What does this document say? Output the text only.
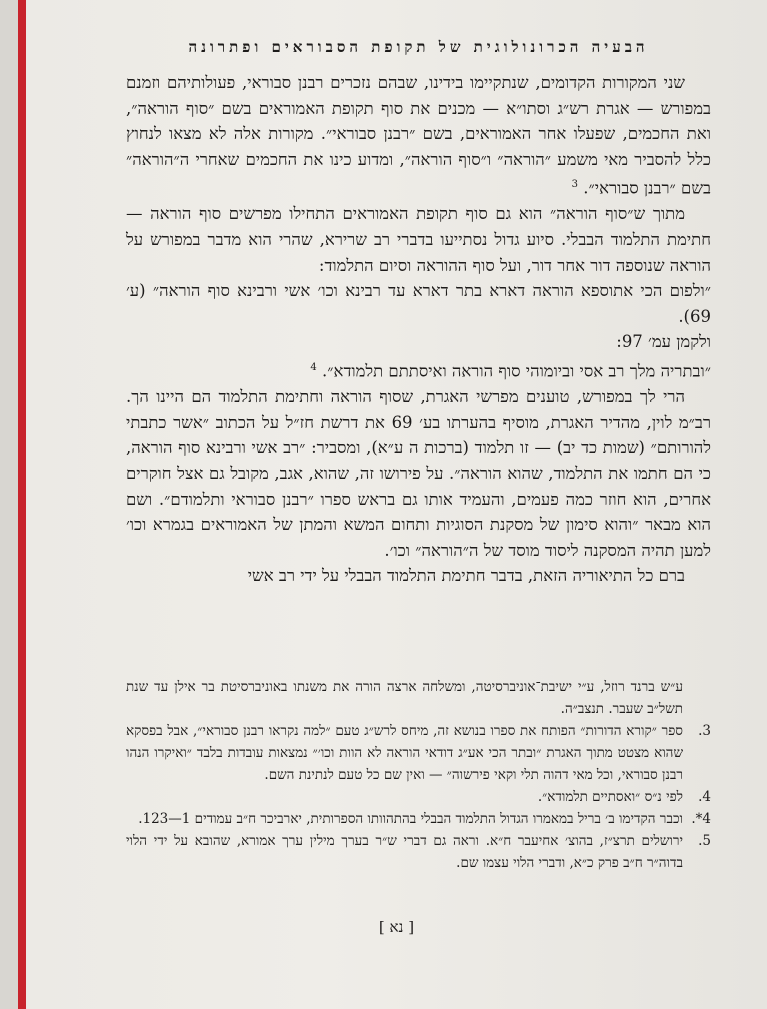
הבעיה הכרונולוגית של תקופת הסבוראים ופתרונה

שני המקורות הקדומים, שנתקיימו בידינו, שבהם נזכרים רבנן סבוראי, פעולותיהם וזמנם במפורש — אגרת רש״ג וסתו״א — מכנים את סוף תקופת האמוראים בשם ״סוף הוראה״, ואת החכמים, שפעלו אחר האמוראים, בשם ״רבנן סבוראי״. מקורות אלה לא מצאו לנחוץ כלל להסביר מאי משמע ״הוראה״ ו״סוף הוראה״, ומדוע כינו את החכמים שאחרי ה״הוראה״ בשם ״רבנן סבוראי״. $^3$

מתוך ש״סוף הוראה״ הוא גם סוף תקופת האמוראים התחילו מפרשים סוף הוראה — חתימת התלמוד הבבלי. סיוע גדול נסתייעו בדברי רב שרירא, שהרי הוא מדבר במפורש על הוראה שנוספה דור אחר דור, ועל סוף ההוראה וסיום התלמוד:

״ולפום הכי אתוספא הוראה דארא בתר דארא עד רבינא וכו׳ אשי ורבינא סוף הוראה״ (ע׳ 69).

ולקמן עמ׳ 97:

״ובתריה מלך רב אסי וביומוהי סוף הוראה ואיסתתם תלמודא״. $^4$

הרי לך במפורש, טוענים מפרשי האגרת, שסוף הוראה וחתימת התלמוד הם היינו הך. רב״מ לוין, מהדיר האגרת, מוסיף בהערתו בע׳ 69 את דרשת חז״ל על הכתוב ״אשר כתבתי להורותם״ (שמות כד יב) — זו תלמוד (ברכות ה ע״א), ומסביר: ״רב אשי ורבינא סוף הוראה, כי הם חתמו את התלמוד, שהוא הוראה״. על פירושו זה, שהוא, אגב, מקובל גם אצל חוקרים אחרים, הוא חוזר כמה פעמים, והעמיד אותו גם בראש ספרו ״רבנן סבוראי ותלמודם״. ושם הוא מבאר ״והוא סימון של מסקנת הסוגיות ותחום המשא והמתן של האמוראים בגמרא וכו׳ למען תהיה המסקנה ליסוד מוסד של ה״הוראה״ וכו׳.

ברם כל התיאוריה הזאת, בדבר חתימת התלמוד הבבלי על ידי רב אשי

ע״ש ברנד רוזל, ע״י ישיבת־אוניברסיטה, ומשלחה ארצה הורה את משנתו באוניברסיטת בר אילן עד שנת תשל״ב שעבר. תנצב״ה.

3.
ספר ״קורא הדורות״ הפותח את ספרו בנושא זה, מיחס לרש״ג טעם ״למה נקראו רבנן סבוראי״, אבל בפסקא שהוא מצטט מתוך האגרת ״ובתר הכי אע״ג דודאי הוראה לא הוות וכו׳״ נמצאות עובדות בלבד ״ואיקרו הנהו רבנן סבוראי, וכל מאי דהוה תלי וקאי פירשוה״ — ואין שם כל טעם לנתינת השם.
4.
לפי נ״ס ״ואסתיים תלמודא״.
4*.
וכבר הקדימו ב׳ בריל במאמרו הגדול התלמוד הבבלי בהתהוותו הספרותית, יארביכר ח״ב עמודים 1—123.
5.
ירושלים תרצ״ז, בהוצ׳ אחיעבר ח״א. וראה גם דברי ש״ר בערך מילין ערך אמורא, שהובא על ידי הלוי בדוה״ר ח״ב פרק כ״א, ודברי הלוי עצמו שם.
[ נא ]
